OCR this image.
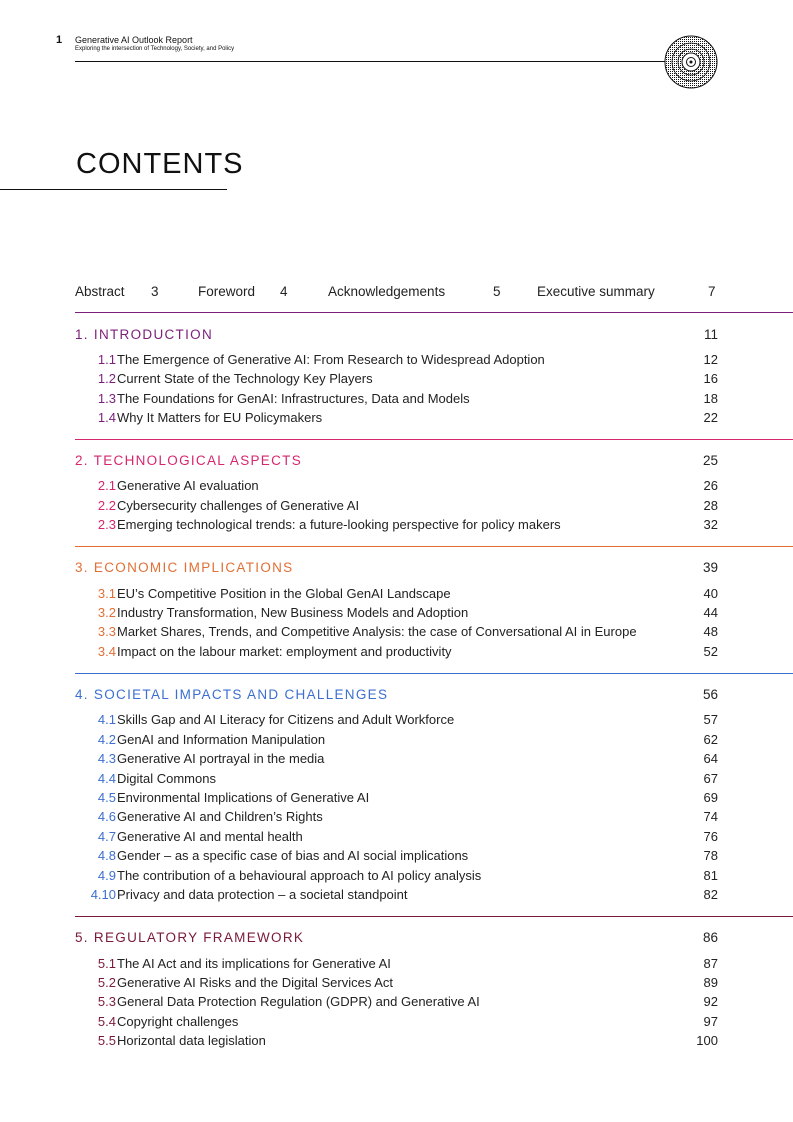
1 Generative AI Outlook Report
Exploring the intersection of Technology, Society, and Policy
CONTENTS
Abstract 3	Foreword 4	Acknowledgements	5	Executive summary	7
1. INTRODUCTION	11
1.1 The Emergence of Generative AI: From Research to Widespread Adoption	12
1.2 Current State of the Technology Key Players	16
1.3 The Foundations for GenAI: Infrastructures, Data and Models	18
1.4 Why It Matters for EU Policymakers	22
2. TECHNOLOGICAL ASPECTS	25
2.1 Generative AI evaluation	26
2.2 Cybersecurity challenges of Generative AI	28
2.3 Emerging technological trends: a future-looking perspective for policy makers	32
3. ECONOMIC IMPLICATIONS	39
3.1 EU’s Competitive Position in the Global GenAI Landscape	40
3.2 Industry Transformation, New Business Models and Adoption	44
3.3 Market Shares, Trends, and Competitive Analysis: the case of Conversational AI in Europe	48
3.4 Impact on the labour market: employment and productivity	52
4. SOCIETAL IMPACTS AND CHALLENGES	56
4.1 Skills Gap and AI Literacy for Citizens and Adult Workforce	57
4.2 GenAI and Information Manipulation	62
4.3 Generative AI portrayal in the media	64
4.4 Digital Commons	67
4.5 Environmental Implications of Generative AI	69
4.6 Generative AI and Children’s Rights	74
4.7 Generative AI and mental health	76
4.8 Gender – as a specific case of bias and AI social implications	78
4.9 The contribution of a behavioural approach to AI policy analysis	81
4.10 Privacy and data protection – a societal standpoint	82
5. REGULATORY FRAMEWORK	86
5.1 The AI Act and its implications for Generative AI	87
5.2 Generative AI Risks and the Digital Services Act	89
5.3 General Data Protection Regulation (GDPR) and Generative AI	92
5.4 Copyright challenges	97
5.5 Horizontal data legislation	100
